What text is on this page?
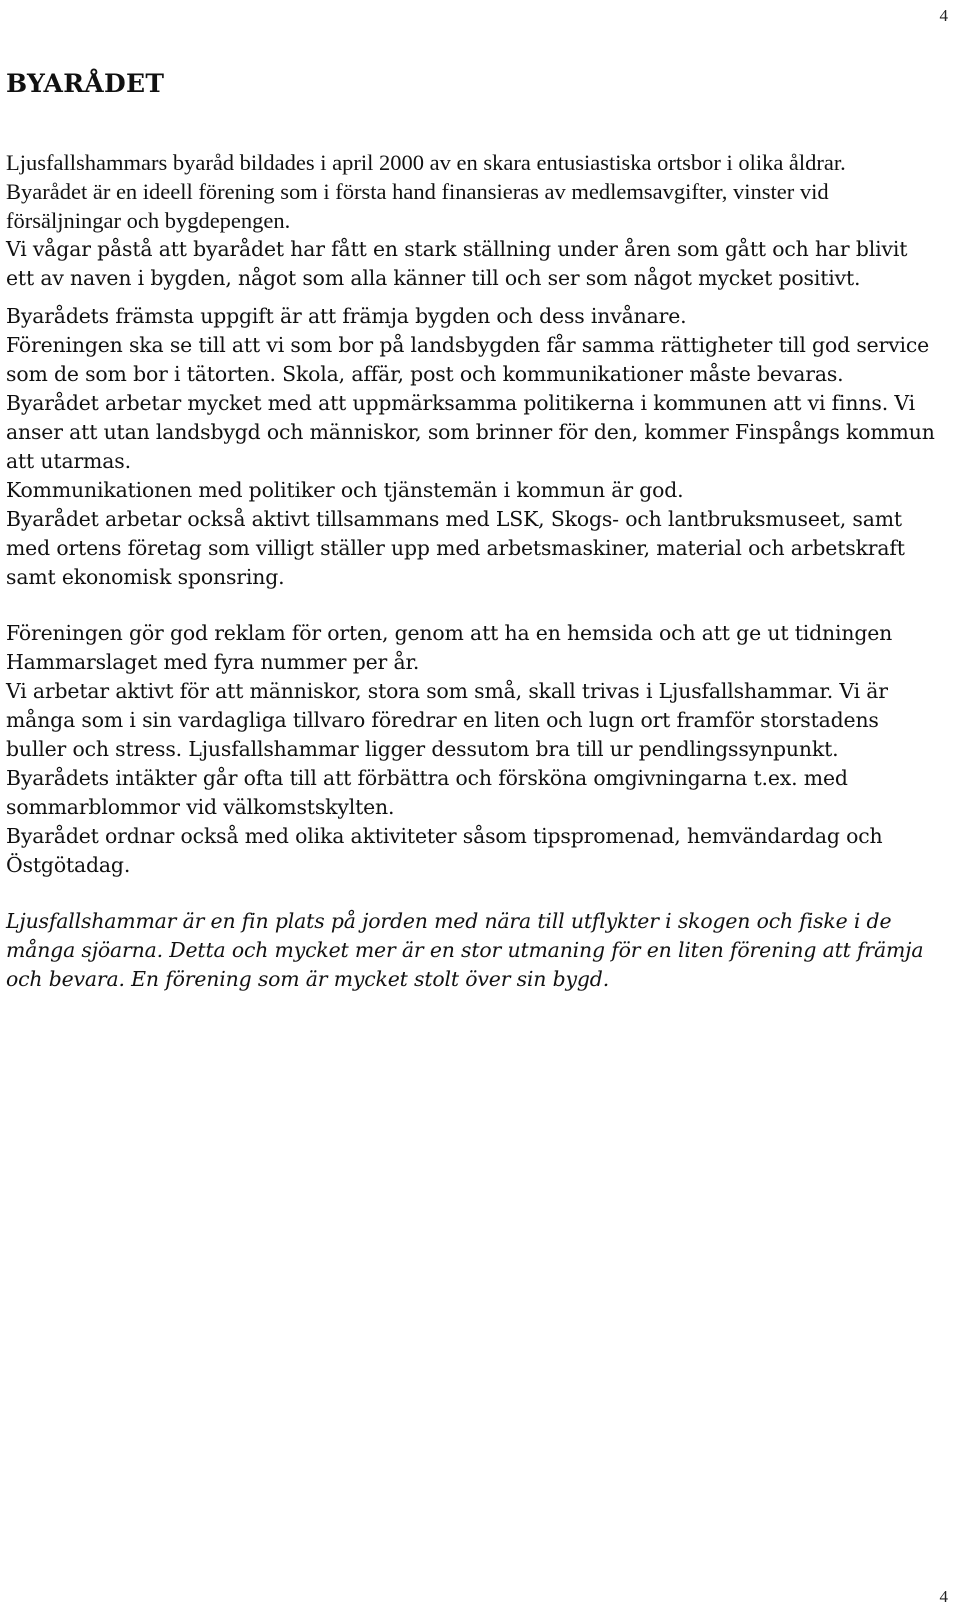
4
BYARÅDET

Ljusfallshammars byaråd bildades i april 2000 av en skara entusiastiska ortsbor i olika åldrar.

Byarådet är en ideell förening som i första hand finansieras av medlemsavgifter, vinster vid försäljningar och bygdepengen.

Vi vågar påstå att byarådet har fått en stark ställning under åren som gått och har blivit ett av naven i bygden, något som alla känner till och ser som något mycket positivt.

Byarådets främsta uppgift är att främja bygden och dess invånare.

Föreningen ska se till att vi som bor på landsbygden får samma rättigheter till god service som de som bor i tätorten. Skola, affär, post och kommunikationer måste bevaras.

Byarådet arbetar mycket med att uppmärksamma politikerna i kommunen att vi finns. Vi anser att utan landsbygd och människor, som brinner för den, kommer Finspångs kommun att utarmas.

Kommunikationen med politiker och tjänstemän i kommun är god.

Byarådet arbetar också aktivt tillsammans med LSK, Skogs- och lantbruksmuseet, samt med ortens företag som villigt ställer upp med arbetsmaskiner, material och arbetskraft samt ekonomisk sponsring.

Föreningen gör god reklam för orten, genom att ha en hemsida och att ge ut tidningen Hammarslaget med fyra nummer per år.

Vi arbetar aktivt för att människor, stora som små, skall trivas i Ljusfallshammar. Vi är många som i sin vardagliga tillvaro föredrar en liten och lugn ort framför storstadens buller och stress. Ljusfallshammar ligger dessutom bra till ur pendlingssynpunkt.

Byarådets intäkter går ofta till att förbättra och försköna omgivningarna t.ex. med sommarblommor vid välkomstskylten.

Byarådet ordnar också med olika aktiviteter såsom tipspromenad, hemvändardag och Östgötadag.

Ljusfallshammar är en fin plats på jorden med nära till utflykter i skogen och fiske i de många sjöarna. Detta och mycket mer är en stor utmaning för en liten förening att främja och bevara. En förening som är mycket stolt över sin bygd.

4
